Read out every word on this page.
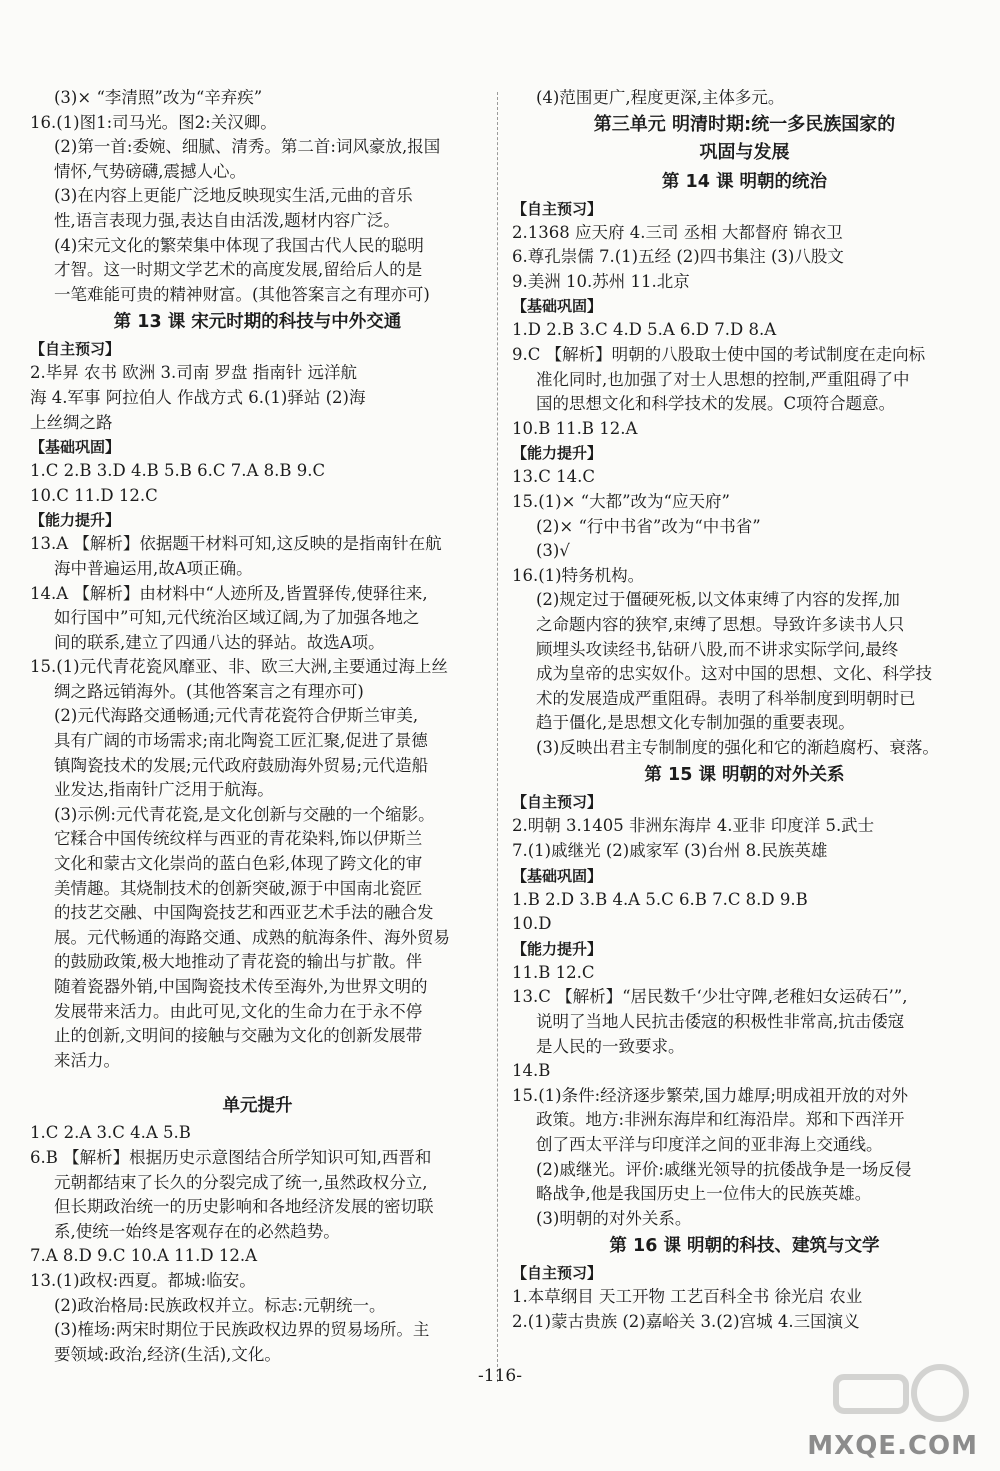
(3)× “李清照”改为“辛弃疾”
16.(1)图1:司马光。图2:关汉卿。
(2)第一首:委婉、细腻、清秀。第二首:词风豪放,报国
情怀,气势磅礴,震撼人心。
(3)在内容上更能广泛地反映现实生活,元曲的音乐
性,语言表现力强,表达自由活泼,题材内容广泛。
(4)宋元文化的繁荣集中体现了我国古代人民的聪明
才智。这一时期文学艺术的高度发展,留给后人的是
一笔难能可贵的精神财富。(其他答案言之有理亦可)
第 13 课 宋元时期的科技与中外交通
【自主预习】
2.毕昇 农书 欧洲 3.司南 罗盘 指南针 远洋航
海 4.军事 阿拉伯人 作战方式 6.(1)驿站 (2)海
上丝绸之路
【基础巩固】
1.C 2.B 3.D 4.B 5.B 6.C 7.A 8.B 9.C
10.C 11.D 12.C
【能力提升】
13.A 【解析】依据题干材料可知,这反映的是指南针在航
海中普遍运用,故A项正确。
14.A 【解析】由材料中“人迹所及,皆置驿传,使驿往来,
如行国中”可知,元代统治区域辽阔,为了加强各地之
间的联系,建立了四通八达的驿站。故选A项。
15.(1)元代青花瓷风靡亚、非、欧三大洲,主要通过海上丝
绸之路远销海外。(其他答案言之有理亦可)
(2)元代海路交通畅通;元代青花瓷符合伊斯兰审美,
具有广阔的市场需求;南北陶瓷工匠汇聚,促进了景德
镇陶瓷技术的发展;元代政府鼓励海外贸易;元代造船
业发达,指南针广泛用于航海。
(3)示例:元代青花瓷,是文化创新与交融的一个缩影。
它糅合中国传统纹样与西亚的青花染料,饰以伊斯兰
文化和蒙古文化崇尚的蓝白色彩,体现了跨文化的审
美情趣。其烧制技术的创新突破,源于中国南北瓷匠
的技艺交融、中国陶瓷技艺和西亚艺术手法的融合发
展。元代畅通的海路交通、成熟的航海条件、海外贸易
的鼓励政策,极大地推动了青花瓷的输出与扩散。伴
随着瓷器外销,中国陶瓷技术传至海外,为世界文明的
发展带来活力。由此可见,文化的生命力在于永不停
止的创新,文明间的接触与交融为文化的创新发展带
来活力。
单元提升
1.C 2.A 3.C 4.A 5.B
6.B 【解析】根据历史示意图结合所学知识可知,西晋和
元朝都结束了长久的分裂完成了统一,虽然政权分立,
但长期政治统一的历史影响和各地经济发展的密切联
系,使统一始终是客观存在的必然趋势。
7.A 8.D 9.C 10.A 11.D 12.A
13.(1)政权:西夏。都城:临安。
(2)政治格局:民族政权并立。标志:元朝统一。
(3)榷场:两宋时期位于民族政权边界的贸易场所。主
要领域:政治,经济(生活),文化。
(4)范围更广,程度更深,主体多元。
第三单元 明清时期:统一多民族国家的
巩固与发展
第 14 课 明朝的统治
【自主预习】
2.1368 应天府 4.三司 丞相 大都督府 锦衣卫
6.尊孔崇儒 7.(1)五经 (2)四书集注 (3)八股文
9.美洲 10.苏州 11.北京
【基础巩固】
1.D 2.B 3.C 4.D 5.A 6.D 7.D 8.A
9.C 【解析】明朝的八股取士使中国的考试制度在走向标
准化同时,也加强了对士人思想的控制,严重阻碍了中
国的思想文化和科学技术的发展。C项符合题意。
10.B 11.B 12.A
【能力提升】
13.C 14.C
15.(1)× “大都”改为“应天府”
(2)× “行中书省”改为“中书省”
(3)√
16.(1)特务机构。
(2)规定过于僵硬死板,以文体束缚了内容的发挥,加
之命题内容的狭窄,束缚了思想。导致许多读书人只
顾埋头攻读经书,钻研八股,而不讲求实际学问,最终
成为皇帝的忠实奴仆。这对中国的思想、文化、科学技
术的发展造成严重阻碍。表明了科举制度到明朝时已
趋于僵化,是思想文化专制加强的重要表现。
(3)反映出君主专制制度的强化和它的渐趋腐朽、衰落。
第 15 课 明朝的对外关系
【自主预习】
2.明朝 3.1405 非洲东海岸 4.亚非 印度洋 5.武士
7.(1)戚继光 (2)戚家军 (3)台州 8.民族英雄
【基础巩固】
1.B 2.D 3.B 4.A 5.C 6.B 7.C 8.D 9.B
10.D
【能力提升】
11.B 12.C
13.C 【解析】“居民数千‘少壮守陴,老稚妇女运砖石’”,
说明了当地人民抗击倭寇的积极性非常高,抗击倭寇
是人民的一致要求。
14.B
15.(1)条件:经济逐步繁荣,国力雄厚;明成祖开放的对外
政策。地方:非洲东海岸和红海沿岸。郑和下西洋开
创了西太平洋与印度洋之间的亚非海上交通线。
(2)戚继光。评价:戚继光领导的抗倭战争是一场反侵
略战争,他是我国历史上一位伟大的民族英雄。
(3)明朝的对外关系。
第 16 课 明朝的科技、建筑与文学
【自主预习】
1.本草纲目 天工开物 工艺百科全书 徐光启 农业
2.(1)蒙古贵族 (2)嘉峪关 3.(2)宫城 4.三国演义
-116-
MXQE.COM
